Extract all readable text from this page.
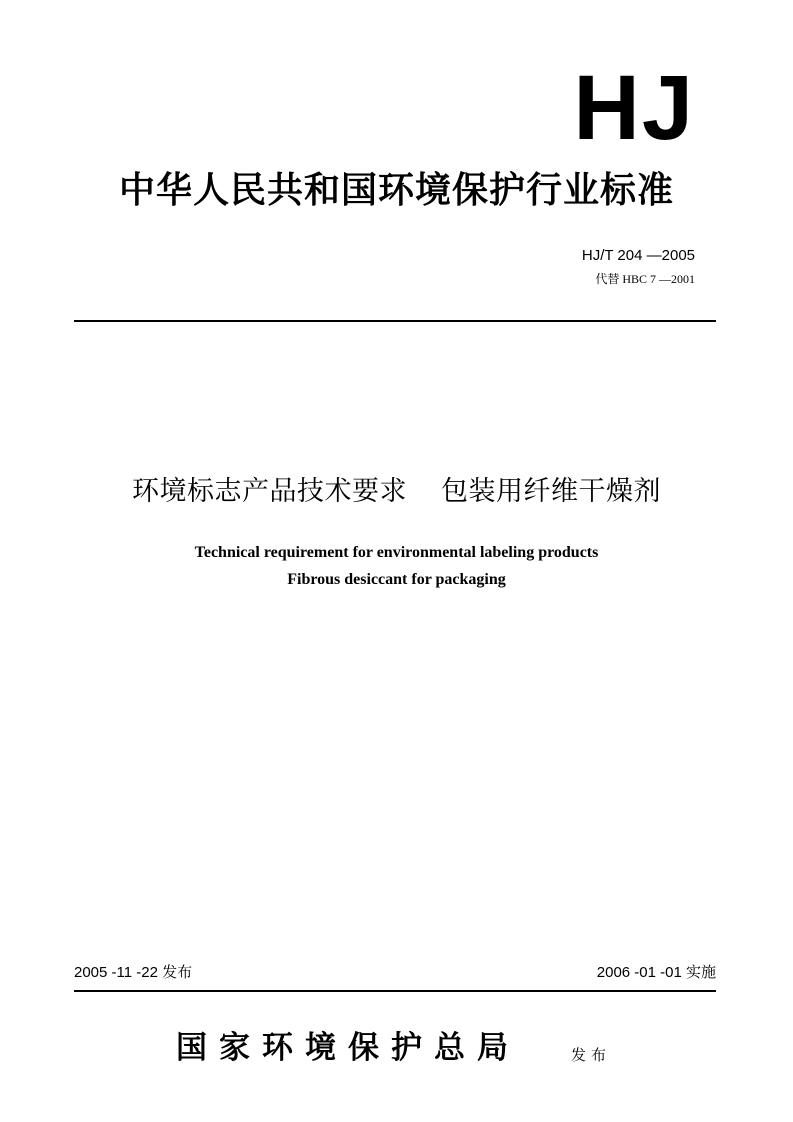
HJ
中华人民共和国环境保护行业标准
HJ/T 204 —2005
代替 HBC 7 —2001
环境标志产品技术要求 包装用纤维干燥剂
Technical requirement for environmental labeling products
Fibrous desiccant for packaging
2005 -11 -22 发布	2006 -01 -01 实施
国家环境保护总局	发布
